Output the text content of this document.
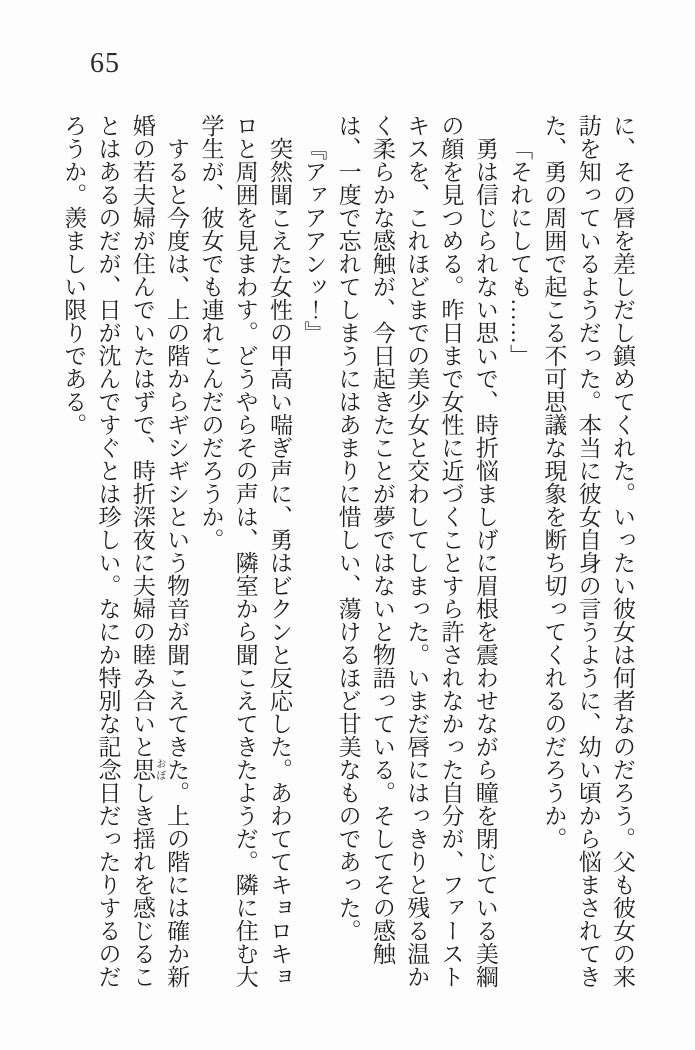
65

に、その唇を差しだし鎮めてくれた。いったい彼女は何者なのだろう。父も彼女の来訪を知っているようだった。本当に彼女自身の言うように、幼い頃から悩まされてきた、勇の周囲で起こる不可思議な現象を断ち切ってくれるのだろうか。

「それにしても……」

勇は信じられない思いで、時折悩ましげに眉根を震わせながら瞳を閉じている美綱の顔を見つめる。昨日まで女性に近づくことすら許されなかった自分が、ファーストキスを、これほどまでの美少女と交わしてしまった。いまだ唇にはっきりと残る温かく柔らかな感触が、今日起きたことが夢ではないと物語っている。そしてその感触は、一度で忘れてしまうにはあまりに惜しい、蕩けるほど甘美なものであった。

『アァアアンッ！』

突然聞こえた女性の甲高い喘ぎ声に、勇はビクンと反応した。あわててキョロキョロと周囲を見まわす。どうやらその声は、隣室から聞こえてきたようだ。隣に住む大学生が、彼女でも連れこんだのだろうか。

すると今度は、上の階からギシギシという物音が聞こえてきた。上の階には確か新婚の若夫婦が住んでいたはずで、時折深夜に夫婦の睦み合いと思 おぼしき揺れを感じることはあるのだが、日が沈んですぐとは珍しい。なにか特別な記念日だったりするのだろうか。羨ましい限りである。
